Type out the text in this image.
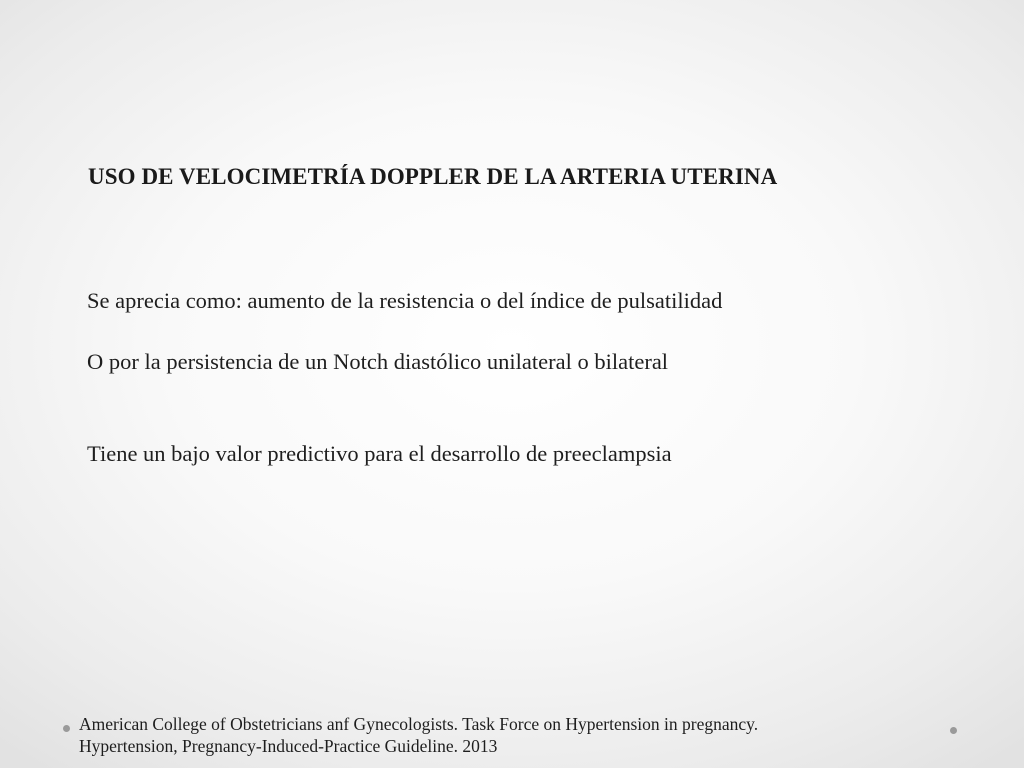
USO DE VELOCIMETRÍA DOPPLER DE LA ARTERIA UTERINA

Se aprecia como: aumento de la resistencia o del índice de pulsatilidad

O por la persistencia de un Notch diastólico unilateral o bilateral

Tiene un bajo valor predictivo para el desarrollo de preeclampsia

American College of Obstetricians anf Gynecologists. Task Force on Hypertension in pregnancy.
Hypertension, Pregnancy-Induced-Practice Guideline. 2013
